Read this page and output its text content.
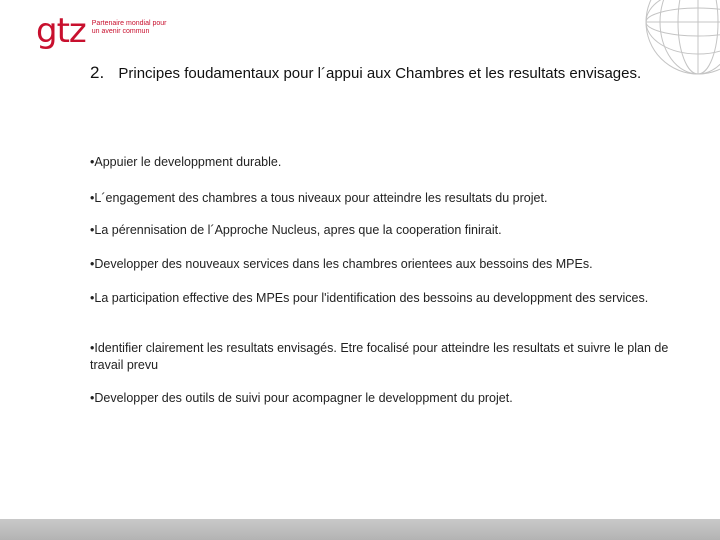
gtz Partenaire mondial pour
un avenir commun
2. Principes foudamentaux pour l´appui aux Chambres et les resultats envisages.
•Appuier le developpment durable.
•L´engagement des chambres a tous niveaux pour atteindre les resultats du projet.
•La pérennisation de l´Approche Nucleus, apres que la cooperation finirait.
•Developper des nouveaux services dans les chambres orientees aux bessoins des MPEs.
•La participation effective des MPEs pour l'identification des bessoins au developpment des services.
•Identifier clairement les resultats envisagés. Etre focalisé pour atteindre les resultats et suivre le plan de travail prevu
•Developper des outils de suivi pour acompagner le developpment du projet.
